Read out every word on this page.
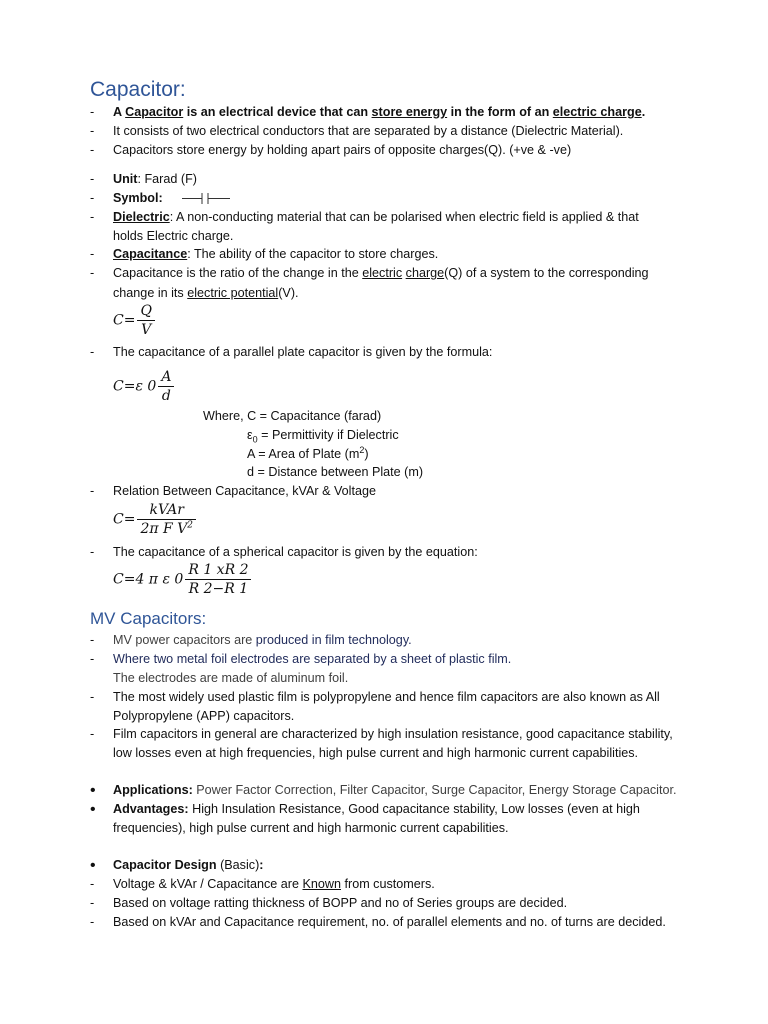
Capacitor:
- A Capacitor is an electrical device that can store energy in the form of an electric charge.
- It consists of two electrical conductors that are separated by a distance (Dielectric Material).
- Capacitors store energy by holding apart pairs of opposite charges(Q). (+ve & -ve)
- Unit: Farad (F)
- Symbol:
- Dielectric: A non-conducting material that can be polarised when electric field is applied & that
holds Electric charge.
- Capacitance: The ability of the capacitor to store charges.
- Capacitance is the ratio of the change in the electric charge(Q) of a system to the corresponding
change in its electric potential(V).
$C= \frac{Q}{V}$
- The capacitance of a parallel plate capacitor is given by the formula:
C=ε $0 \frac{A}{d}$
Where, C = Capacitance (farad)
$\varepsilon_0$ = Permittivity if Dielectric
A = Area of Plate $(m^2)$
d = Distance between Plate (m)
- Relation Between Capacitance, kVAr & Voltage
C=
kVAr
2π F $V^2$
- The capacitance of a spherical capacitor is given by the equation:
C=4 π ε $0 \frac{R 1 xR 2}{R 2-R 1}$
MV Capacitors:
- MV power capacitors are produced in film technology.
- Where two metal foil electrodes are separated by a sheet of plastic film.
The electrodes are made of aluminum foil.
- The most widely used plastic film is polypropylene and hence film capacitors are also known as All
Polypropylene (APP) capacitors.
- Film capacitors in general are characterized by high insulation resistance, good capacitance stability,
low losses even at high frequencies, high pulse current and high harmonic current capabilities.
• Applications: Power Factor Correction, Filter Capacitor, Surge Capacitor, Energy Storage Capacitor.
• Advantages: High Insulation Resistance, Good capacitance stability, Low losses (even at high
frequencies), high pulse current and high harmonic current capabilities.
• Capacitor Design (Basic):
- Voltage & kVAr / Capacitance are Known from customers.
- Based on voltage ratting thickness of BOPP and no of Series groups are decided.
- Based on kVAr and Capacitance requirement, no. of parallel elements and no. of turns are decided.
